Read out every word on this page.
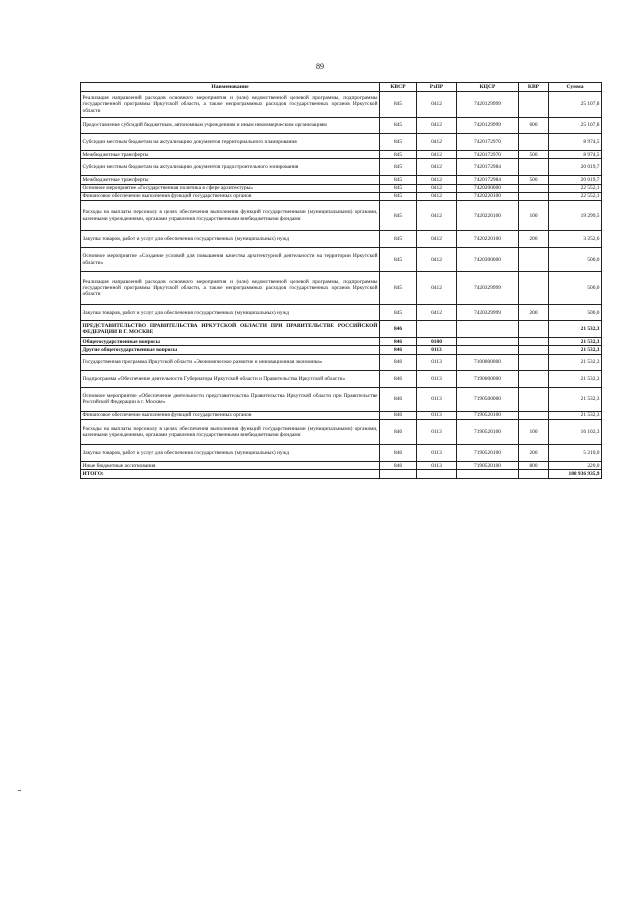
89
Наименование	КВСР	РзПР	КЦСР	КВР	Сумма
Реализация направлений расходов основного мероприятия и (или) ведомственной целевой программы, подпрограммы государственной программы Иркутской области, а также непрограммных расходов государственных органов Иркутской области	845	0412	7420129999		25 107,8
Предоставление субсидий бюджетным, автономным учреждениям и иным некоммерческим организациям	845	0412	7420129999	600	25 107,8
Субсидии местным бюджетам на актуализацию документов территориального планирования	845	0412	7420172970		8 974,5
Межбюджетные трансферты	845	0412	7420172970	500	8 974,5
Субсидии местным бюджетам на актуализацию документов градостроительного зонирования	845	0412	7420172984		20 019,7
Межбюджетные трансферты	845	0412	7420172984	500	20 019,7
Основное мероприятие «Государственная политика в сфере архитектуры»	845	0412	7420200000		22 552,1
Финансовое обеспечение выполнения функций государственных органов	845	0412	7420220100		22 552,1
Расходы на выплаты персоналу в целях обеспечения выполнения функций государственными (муниципальными) органами, казенными учреждениями, органами управления государственными внебюджетными фондами	845	0412	7420220100	100	19 299,5
Закупка товаров, работ и услуг для обеспечения государственных (муниципальных) нужд	845	0412	7420220100	200	3 252,6
Основное мероприятие «Создание условий для повышения качества архитектурной деятельности на территории Иркутской области»	845	0412	7420300000		500,0
Реализация направлений расходов основного мероприятия и (или) ведомственной целевой программы, подпрограммы государственной программы Иркутской области, а также непрограммных расходов государственных органов Иркутской области	845	0412	7420329999		500,0
Закупка товаров, работ и услуг для обеспечения государственных (муниципальных) нужд	845	0412	7420329999	200	500,0
ПРЕДСТАВИТЕЛЬСТВО ПРАВИТЕЛЬСТВА ИРКУТСКОЙ ОБЛАСТИ ПРИ ПРАВИТЕЛЬСТВЕ РОССИЙСКОЙ ФЕДЕРАЦИИ В Г. МОСКВЕ	846				21 532,3
Общегосударственные вопросы	846	0100			21 532,3
Другие общегосударственные вопросы	846	0113			21 532,3
Государственная программа Иркутской области «Экономическое развитие и инновационная экономика»	846	0113	7100000000		21 532,3
Подпрограмма «Обеспечение деятельности Губернатора Иркутской области и Правительства Иркутской области»	846	0113	7190000000		21 532,3
Основное мероприятие «Обеспечение деятельности представительства Правительства Иркутской области при Правительстве Российской Федерации в г. Москве»	846	0113	7190500000		21 532,3
Финансовое обеспечение выполнения функций государственных органов	846	0113	7190520100		21 532,3
Расходы на выплаты персоналу в целях обеспечения выполнения функций государственными (муниципальными) органами, казенными учреждениями, органами управления государственными внебюджетными фондами	846	0113	7190520100	100	16 102,3
Закупка товаров, работ и услуг для обеспечения государственных (муниципальных) нужд	846	0113	7190520100	200	5 210,0
Иные бюджетные ассигнования	846	0113	7190520100	800	220,0
ИТОГО:					188 936 935,9
